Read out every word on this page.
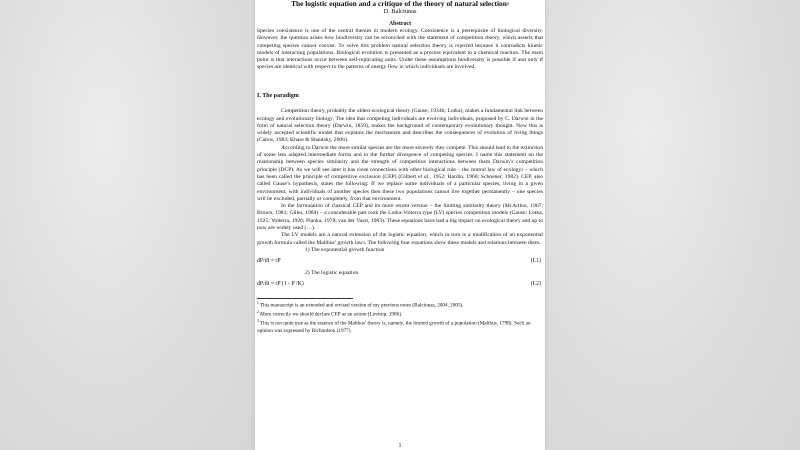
The logistic equation and a critique of the theory of natural selection$^1$
D. Balciunas
Abstract

Species coexistence is one of the central themes in modern ecology. Coexistence is a prerequisite of biological diversity. However, the question arises how biodiversity can be reconciled with the statement of competition theory, which asserts that competing species cannot coexist. To solve this problem natural selection theory is rejected because it contradicts kinetic models of interacting populations. Biological evolution is presented as a process equivalent to a chemical reaction. The main point is that interactions occur between self-replicating units. Under these assumptions biodiversity is possible if and only if species are identical with respect to the patterns of energy flow in which individuals are involved.

I. The paradigm

Competition theory, probably the oldest ecological theory (Gause, 1934b; Lotka), makes a fundamental link between ecology and evolutionary biology. The idea that competing individuals are evolving individuals, proposed by C. Darwin in the form of natural selection theory (Darwin, 1859), makes the background of contemporary evolutionary thought. Now this is widely accepted scientific model that explains the mechanism and describes the consequences of evolution of living things (Calow, 1983; Khare & Shaulsky, 2006).

According to Darwin the more similar species are the more severely they compete. This should lead to the extinction of some less adapted intermediate forms and to the further divergence of competing species. I name this statement on the relationship between species similarity and the strength of competitive interactions between them Darwin’s competition principle (DCP). As we will see later it has close connections with other biological rule – the central law of ecology$^2$ – which has been called the principle of competitive exclusion (CEP) (Gilbert et al., 1952; Hardin, 1960; Schoener, 1982). CEP, also called Gause’s hypothesis, states the following: If we replace some individuals of a particular species, living in a given environment, with individuals of another species then these two populations cannot live together permanently – one species will be excluded, partially or completely, from that environment.

In the formulation of classical CEP and its more recent version – the limiting similarity theory (McArthur, 1967; Brown, 1981; Giller, 1984) – a considerable part took the Lotka-Volterra type (LV) species competition models (Gause; Lotka, 1925; Volterra, 1926; Pianka, 1978; van der Vaart, 1983). These equations have had a big impact on ecological theory and up to now are widely used (…).

The LV models are a natural extension of the logistic equation, which in turn is a modification of an exponential growth formula called the Malthus’ growth law$^3$. The following four equations show these models and relations between them.

1) The exponential growth function

dP/dt = rP	(I.1)

2) The logistic equation

dP/dt = rP (1 - P /K)	(I.2)
$^1$ This manuscript is an extended and revised version of my previous notes (Balciunas, 2004, 2005).
$^2$ More correctly we should declare CEP as an axiom (Lovtrup, 1986).
$^3$ This is not quite true as the essence of the Malthus’ theory is, namely, the limited growth of a population (Malthus, 1798). Such an opinion was expressed by Richardson (1977).
1
